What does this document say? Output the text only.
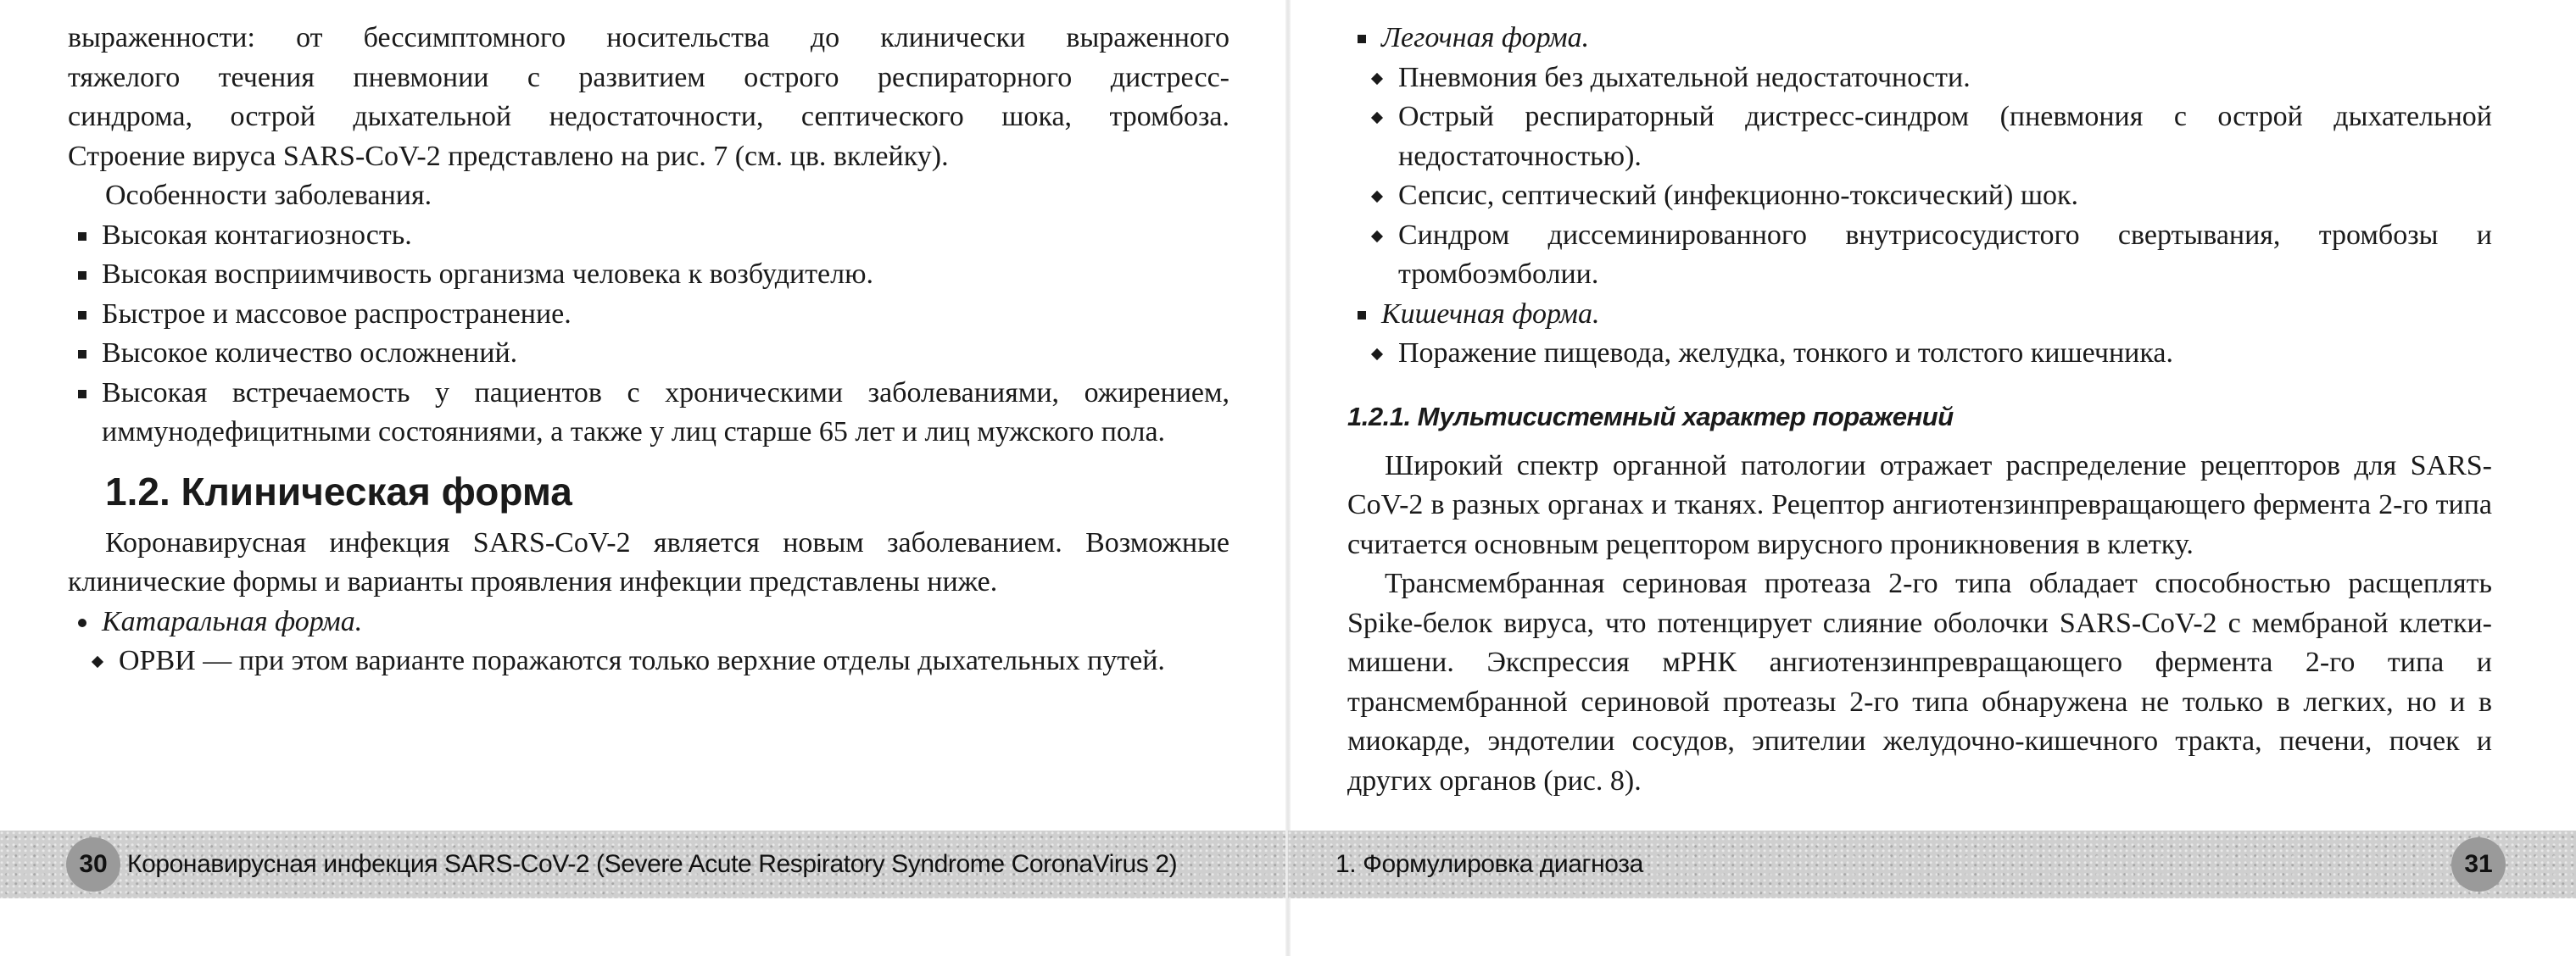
выраженности: от бессимптомного носительства до клинически выраженного

тяжелого течения пневмонии с развитием острого респираторного дистресс-

синдрома, острой дыхательной недостаточности, септического шока, тромбоза.

Строение вируса SARS-CoV-2 представлено на рис. 7 (см. цв. вклейку).

Особенности заболевания.

Высокая контагиозность.
Высокая восприимчивость организма человека к возбудителю.
Быстрое и массовое распространение.
Высокое количество осложнений.
Высокая встречаемость у пациентов с хроническими заболеваниями, ожирением, иммунодефицитными состояниями, а также у лиц старше 65 лет и лиц мужского пола.
1.2. Клиническая форма

Коронавирусная инфекция SARS-CoV-2 является новым заболеванием. Возможные клинические формы и варианты проявления инфекции представлены ниже.

Катаральная форма.
ОРВИ — при этом варианте поражаются только верхние отделы дыхательных путей.
30 Коронавирусная инфекция SARS-CoV-2 (Severe Acute Respiratory Syndrome CoronaVirus 2)
Легочная форма.
Пневмония без дыхательной недостаточности.
Острый респираторный дистресс-синдром (пневмония с острой дыхательной недостаточностью).
Сепсис, септический (инфекционно-токсический) шок.
Синдром диссеминированного внутрисосудистого свертывания, тромбозы и тромбоэмболии.
Кишечная форма.
Поражение пищевода, желудка, тонкого и толстого кишечника.
1.2.1. Мультисистемный характер поражений

Широкий спектр органной патологии отражает распределение рецепторов для SARS-CoV-2 в разных органах и тканях. Рецептор ангиотензинпревращающего фермента 2-го типа считается основным рецептором вирусного проникновения в клетку.

Трансмембранная сериновая протеаза 2-го типа обладает способностью расщеплять Spike-белок вируса, что потенцирует слияние оболочки SARS-CoV-2 с мембраной клетки-мишени. Экспрессия мРНК ангиотензинпревращающего фермента 2-го типа и трансмембранной сериновой протеазы 2-го типа обнаружена не только в легких, но и в миокарде, эндотелии сосудов, эпителии желудочно-кишечного тракта, печени, почек и других органов (рис. 8).

1. Формулировка диагноза	31
